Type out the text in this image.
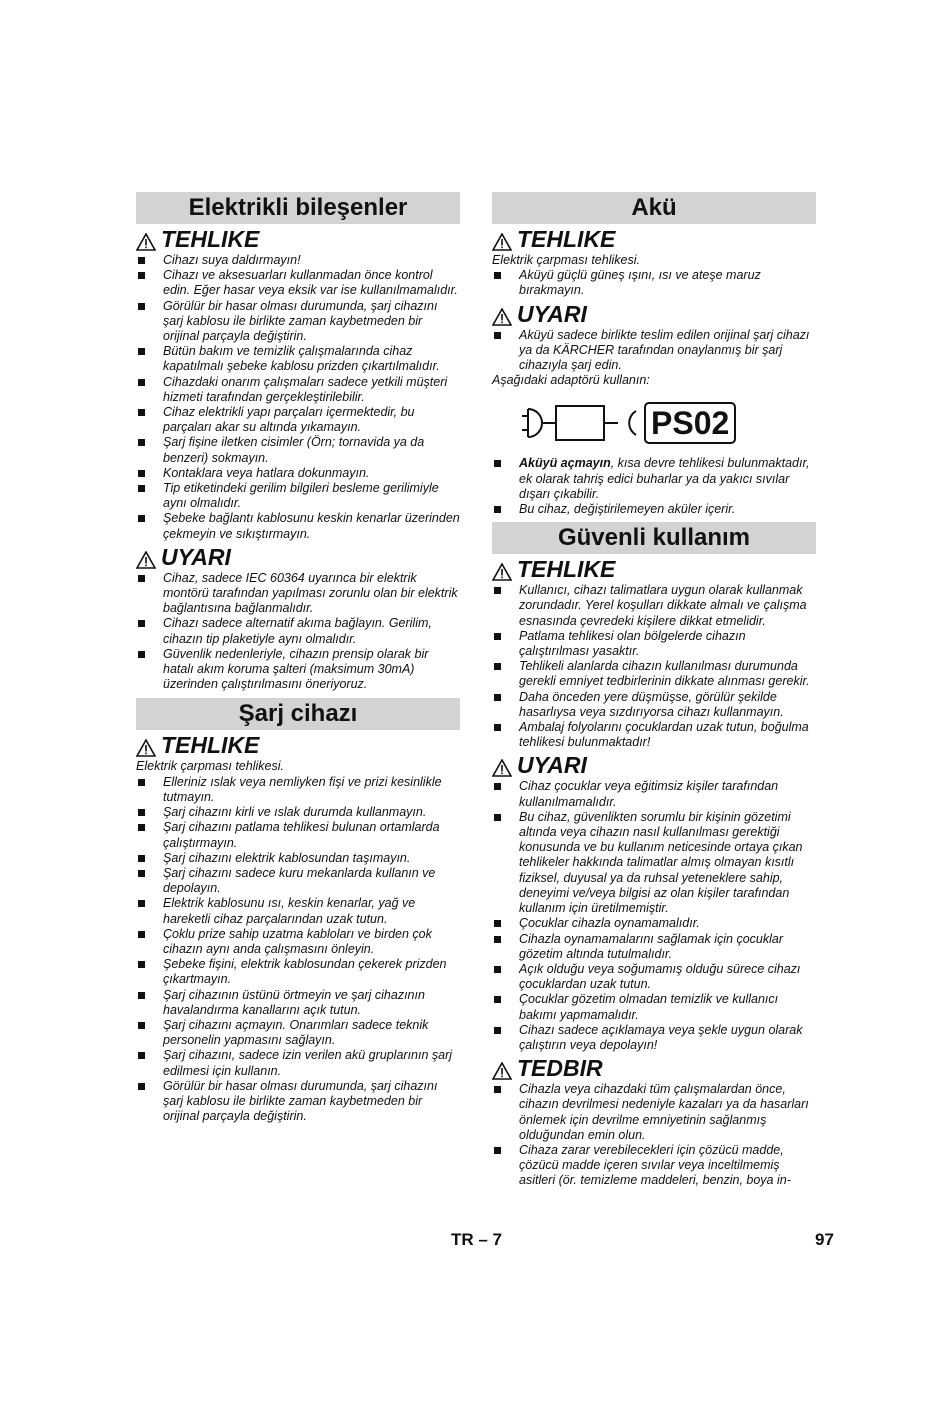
Elektrikli bileşenler
TEHLIKE
Cihazı suya daldırmayın!
Cihazı ve aksesuarları kullanmadan önce kontrol edin. Eğer hasar veya eksik var ise kullanılmamalıdır.
Görülür bir hasar olması durumunda, şarj cihazını şarj kablosu ile birlikte zaman kaybetmeden bir orijinal parçayla değiştirin.
Bütün bakım ve temizlik çalışmalarında cihaz kapatılmalı şebeke kablosu prizden çıkartılmalıdır.
Cihazdaki onarım çalışmaları sadece yetkili müşteri hizmeti tarafından gerçekleştirilebilir.
Cihaz elektrikli yapı parçaları içermektedir, bu parçaları akar su altında yıkamayın.
Şarj fişine iletken cisimler (Örn; tornavida ya da benzeri) sokmayın.
Kontaklara veya hatlara dokunmayın.
Tip etiketindeki gerilim bilgileri besleme gerilimiyle aynı olmalıdır.
Şebeke bağlantı kablosunu keskin kenarlar üzerinden çekmeyin ve sıkıştırmayın.
UYARI
Cihaz, sadece IEC 60364 uyarınca bir elektrik montörü tarafından yapılması zorunlu olan bir elektrik bağlantısına bağlanmalıdır.
Cihazı sadece alternatif akıma bağlayın. Gerilim, cihazın tip plaketiyle aynı olmalıdır.
Güvenlik nedenleriyle, cihazın prensip olarak bir hatalı akım koruma şalteri (maksimum 30mA) üzerinden çalıştırılmasını öneriyoruz.
Şarj cihazı
TEHLIKE

Elektrik çarpması tehlikesi.

Elleriniz ıslak veya nemliyken fişi ve prizi kesinlikle tutmayın.
Şarj cihazını kirli ve ıslak durumda kullanmayın.
Şarj cihazını patlama tehlikesi bulunan ortamlarda çalıştırmayın.
Şarj cihazını elektrik kablosundan taşımayın.
Şarj cihazını sadece kuru mekanlarda kullanın ve depolayın.
Elektrik kablosunu ısı, keskin kenarlar, yağ ve hareketli cihaz parçalarından uzak tutun.
Çoklu prize sahip uzatma kabloları ve birden çok cihazın aynı anda çalışmasını önleyin.
Şebeke fişini, elektrik kablosundan çekerek prizden çıkartmayın.
Şarj cihazının üstünü örtmeyin ve şarj cihazının havalandırma kanallarını açık tutun.
Şarj cihazını açmayın. Onarımları sadece teknik personelin yapmasını sağlayın.
Şarj cihazını, sadece izin verilen akü gruplarının şarj edilmesi için kullanın.
Görülür bir hasar olması durumunda, şarj cihazını şarj kablosu ile birlikte zaman kaybetmeden bir orijinal parçayla değiştirin.
Akü
TEHLIKE

Elektrik çarpması tehlikesi.

Aküyü güçlü güneş ışını, ısı ve ateşe maruz bırakmayın.
UYARI
Aküyü sadece birlikte teslim edilen orijinal şarj cihazı ya da KÄRCHER tarafından onaylanmış bir şarj cihazıyla şarj edin.

Aşağıdaki adaptörü kullanın:

PS02
Aküyü açmayın, kısa devre tehlikesi bulunmaktadır, ek olarak tahriş edici buharlar ya da yakıcı sıvılar dışarı çıkabilir.
Bu cihaz, değiştirilemeyen aküler içerir.
Güvenli kullanım
TEHLIKE
Kullanıcı, cihazı talimatlara uygun olarak kullanmak zorundadır. Yerel koşulları dikkate almalı ve çalışma esnasında çevredeki kişilere dikkat etmelidir.
Patlama tehlikesi olan bölgelerde cihazın çalıştırılması yasaktır.
Tehlikeli alanlarda cihazın kullanılması durumunda gerekli emniyet tedbirlerinin dikkate alınması gerekir.
Daha önceden yere düşmüşse, görülür şekilde hasarlıysa veya sızdırıyorsa cihazı kullanmayın.
Ambalaj folyolarını çocuklardan uzak tutun, boğulma tehlikesi bulunmaktadır!
UYARI
Cihaz çocuklar veya eğitimsiz kişiler tarafından kullanılmamalıdır.
Bu cihaz, güvenlikten sorumlu bir kişinin gözetimi altında veya cihazın nasıl kullanılması gerektiği konusunda ve bu kullanım neticesinde ortaya çıkan tehlikeler hakkında talimatlar almış olmayan kısıtlı fiziksel, duyusal ya da ruhsal yeteneklere sahip, deneyimi ve/veya bilgisi az olan kişiler tarafından kullanım için üretilmemiştir.
Çocuklar cihazla oynamamalıdır.
Cihazla oynamamalarını sağlamak için çocuklar gözetim altında tutulmalıdır.
Açık olduğu veya soğumamış olduğu sürece cihazı çocuklardan uzak tutun.
Çocuklar gözetim olmadan temizlik ve kullanıcı bakımı yapmamalıdır.
Cihazı sadece açıklamaya veya şekle uygun olarak çalıştırın veya depolayın!
TEDBIR
Cihazla veya cihazdaki tüm çalışmalardan önce, cihazın devrilmesi nedeniyle kazaları ya da hasarları önlemek için devrilme emniyetinin sağlanmış olduğundan emin olun.
Cihaza zarar verebilecekleri için çözücü madde, çözücü madde içeren sıvılar veya inceltilmemiş asitleri (ör. temizleme maddeleri, benzin, boya in-
TR – 7	97
